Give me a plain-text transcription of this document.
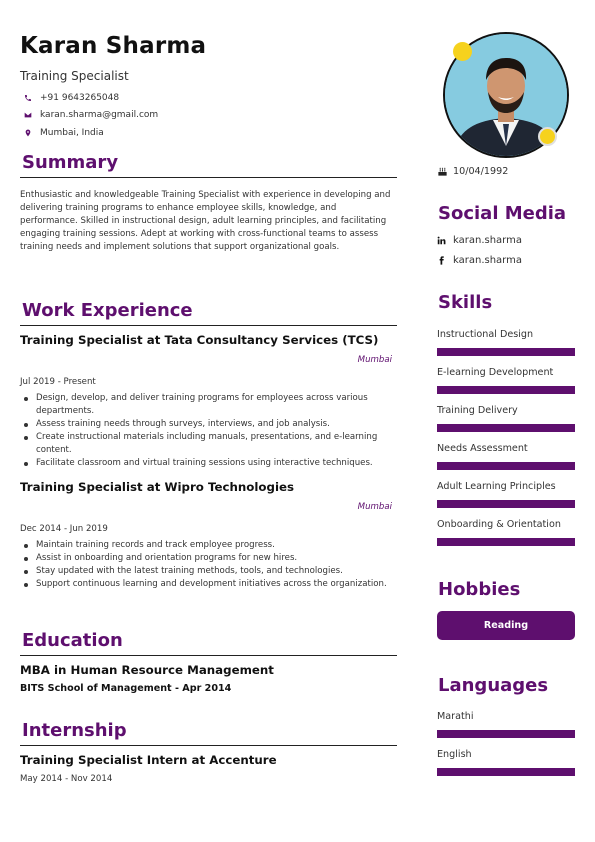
Karan Sharma
Training Specialist
+91 9643265048
karan.sharma@gmail.com
Mumbai, India
Summary
Enthusiastic and knowledgeable Training Specialist with experience in developing and delivering training programs to enhance employee skills, knowledge, and performance. Skilled in instructional design, adult learning principles, and facilitating engaging training sessions. Adept at working with cross-functional teams to assess training needs and implement solutions that support organizational goals.
Work Experience
Training Specialist at Tata Consultancy Services (TCS)
Mumbai
Jul 2019 - Present
Design, develop, and deliver training programs for employees across various departments.
Assess training needs through surveys, interviews, and job analysis.
Create instructional materials including manuals, presentations, and e-learning content.
Facilitate classroom and virtual training sessions using interactive techniques.
Training Specialist at Wipro Technologies
Mumbai
Dec 2014 - Jun 2019
Maintain training records and track employee progress.
Assist in onboarding and orientation programs for new hires.
Stay updated with the latest training methods, tools, and technologies.
Support continuous learning and development initiatives across the organization.
Education
MBA in Human Resource Management
BITS School of Management - Apr 2014
Internship
Training Specialist Intern at Accenture
May 2014 - Nov 2014
10/04/1992
Social Media
karan.sharma
karan.sharma
Skills
Instructional Design
E-learning Development
Training Delivery
Needs Assessment
Adult Learning Principles
Onboarding & Orientation
Hobbies
Reading
Languages
Marathi
English
